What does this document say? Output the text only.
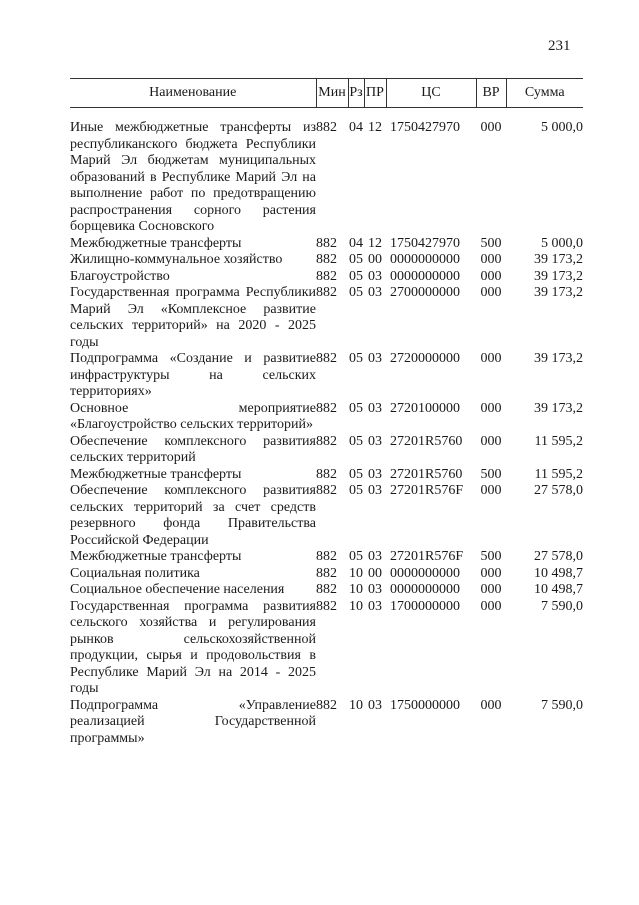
231
Наименование	Мин	Рз	ПР	ЦС	ВР	Сумма

Иные межбюджетные трансферты из республиканского бюджета Республики Марий Эл бюджетам муниципальных образований в Республике Марий Эл на выполнение работ по предотвращению распространения сорного растения борщевика Сосновского	882	04	12	1750427970	000	5 000,0
Межбюджетные трансферты	882	04	12	1750427970	500	5 000,0
Жилищно-коммунальное хозяйство	882	05	00	0000000000	000	39 173,2
Благоустройство	882	05	03	0000000000	000	39 173,2
Государственная программа Республики Марий Эл «Комплексное развитие сельских территорий» на 2020 - 2025 годы	882	05	03	2700000000	000	39 173,2
Подпрограмма «Создание и развитие инфраструктуры на сельских территориях»	882	05	03	2720000000	000	39 173,2
Основное мероприятие «Благоустройство сельских территорий»	882	05	03	2720100000	000	39 173,2
Обеспечение комплексного развития сельских территорий	882	05	03	27201R5760	000	11 595,2
Межбюджетные трансферты	882	05	03	27201R5760	500	11 595,2
Обеспечение комплексного развития сельских территорий за счет средств резервного фонда Правительства Российской Федерации	882	05	03	27201R576F	000	27 578,0
Межбюджетные трансферты	882	05	03	27201R576F	500	27 578,0
Социальная политика	882	10	00	0000000000	000	10 498,7
Социальное обеспечение населения	882	10	03	0000000000	000	10 498,7
Государственная программа развития сельского хозяйства и регулирования рынков сельскохозяйственной продукции, сырья и продовольствия в Республике Марий Эл на 2014 - 2025 годы	882	10	03	1700000000	000	7 590,0
Подпрограмма «Управление реализацией Государственной программы»	882	10	03	1750000000	000	7 590,0
